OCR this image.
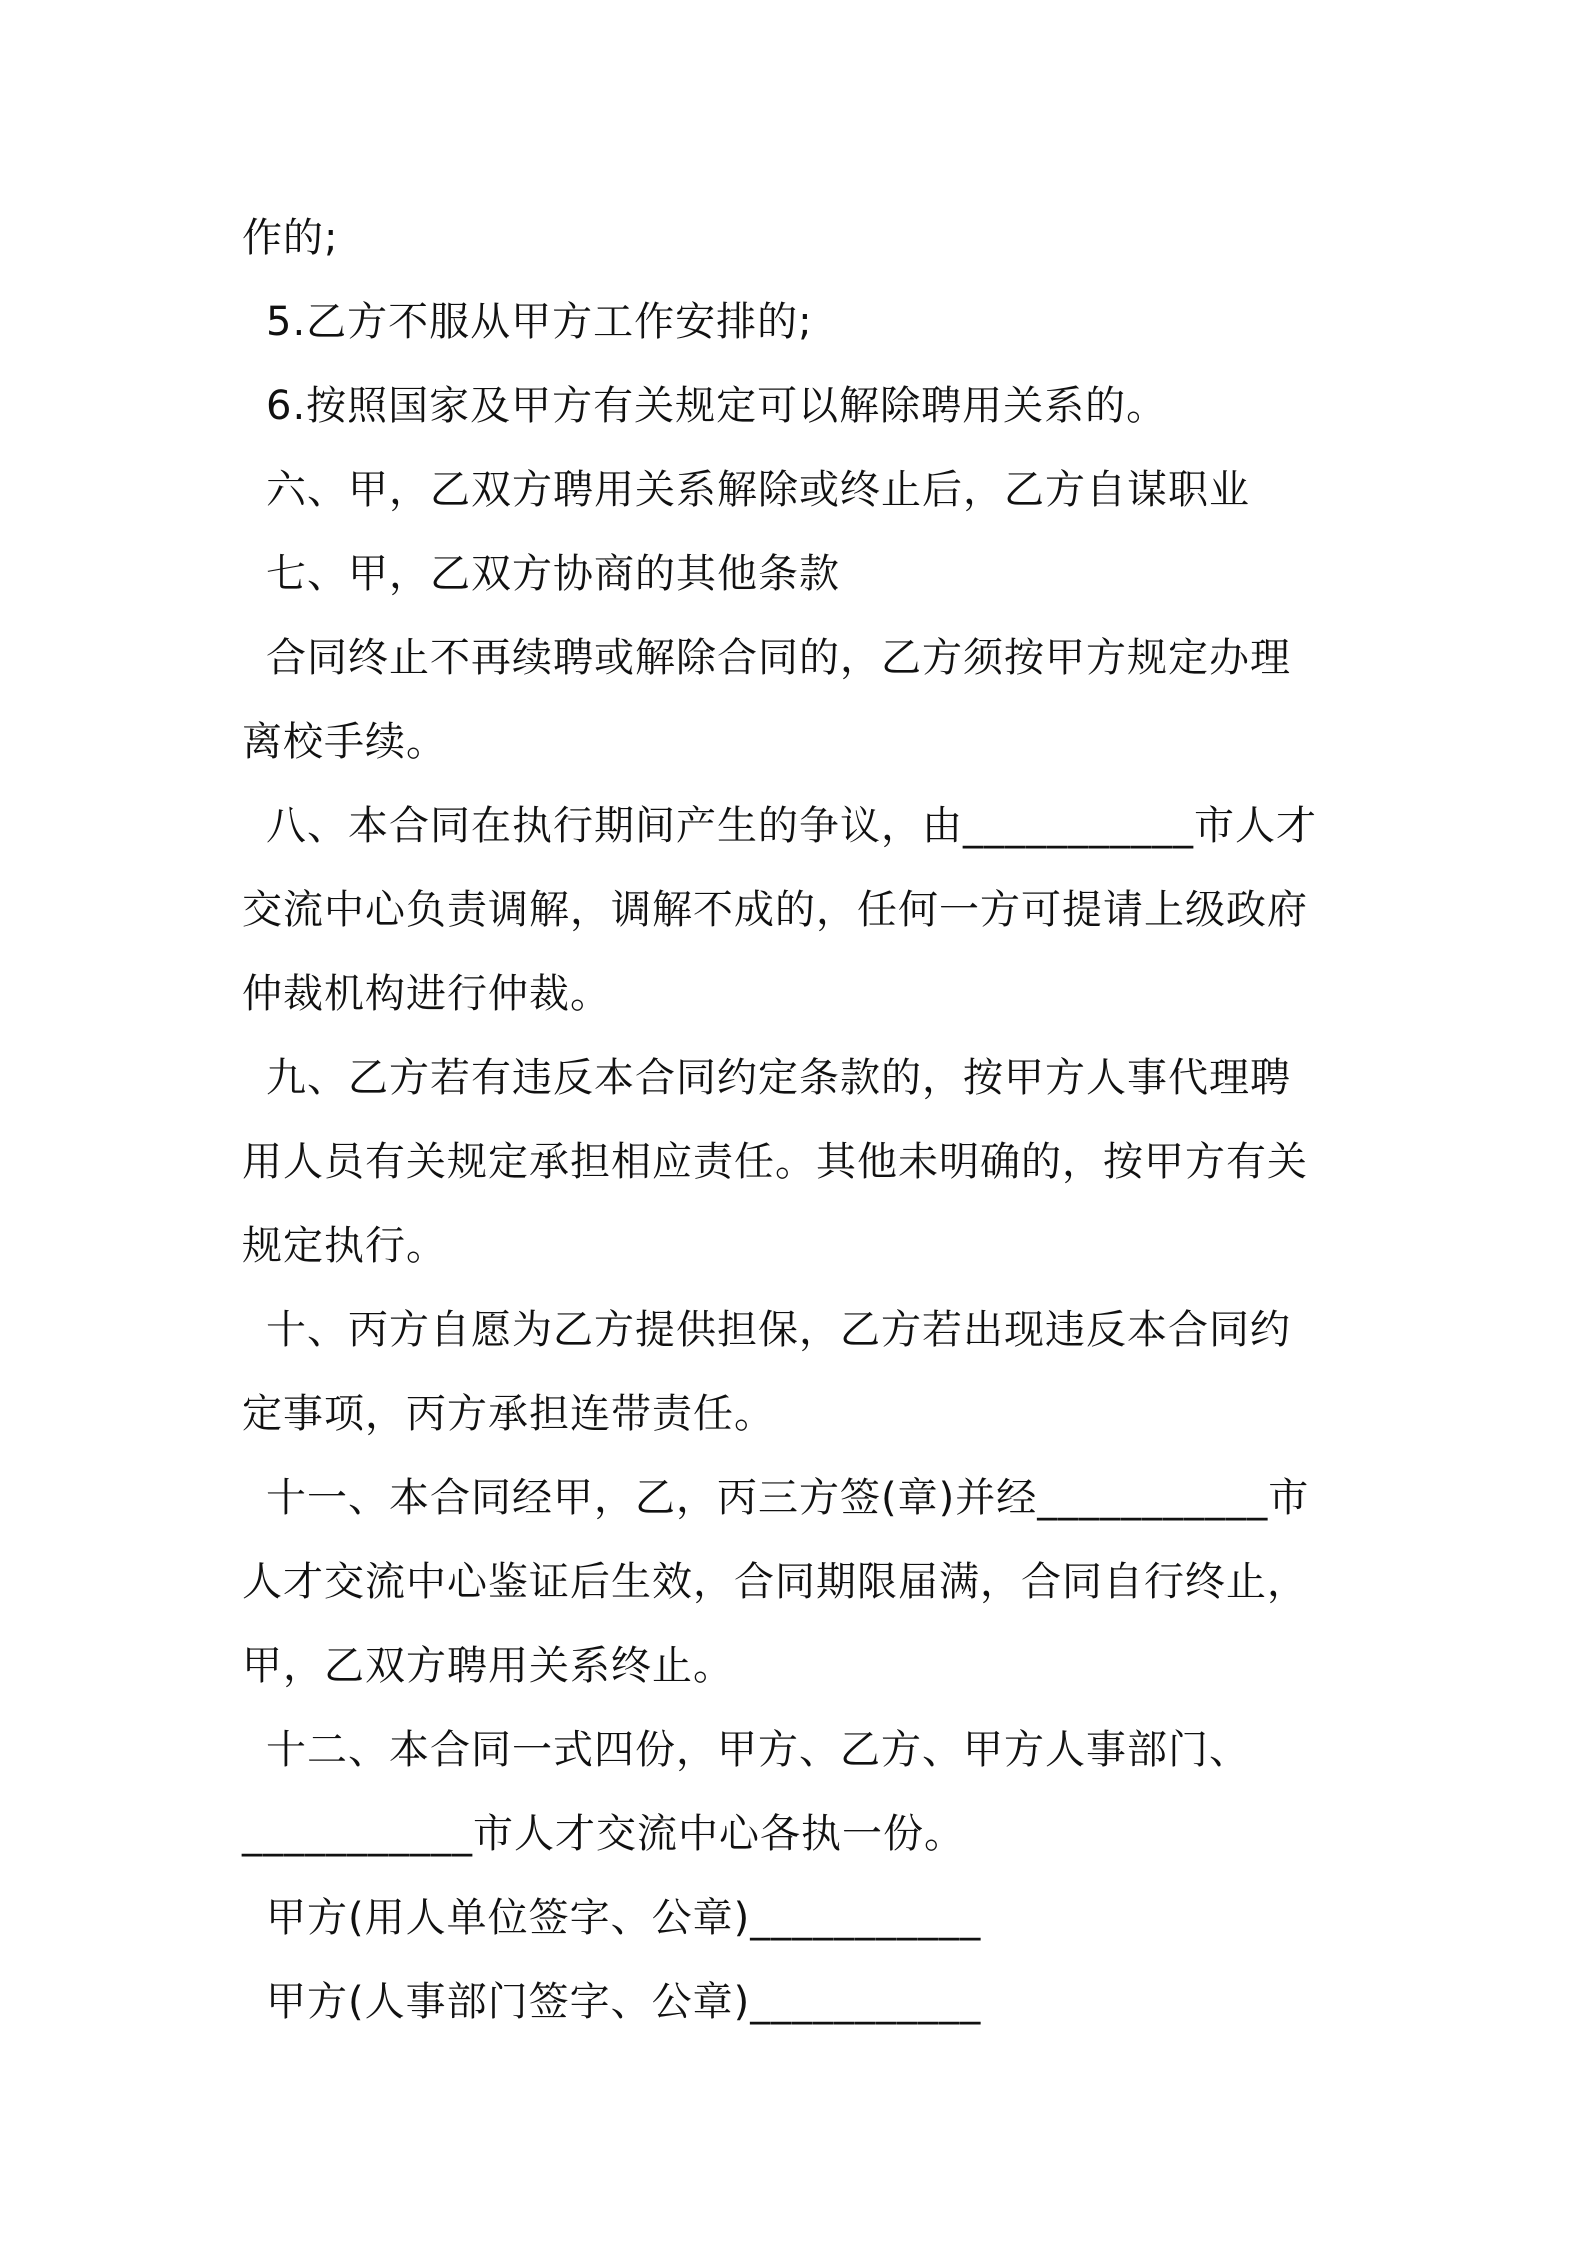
作的;
5.乙方不服从甲方工作安排的;
6.按照国家及甲方有关规定可以解除聘用关系的。
六、甲，乙双方聘用关系解除或终止后，乙方自谋职业
七、甲，乙双方协商的其他条款
合同终止不再续聘或解除合同的，乙方须按甲方规定办理
离校手续。
八、本合同在执行期间产生的争议，由___________市人才
交流中心负责调解，调解不成的，任何一方可提请上级政府
仲裁机构进行仲裁。
九、乙方若有违反本合同约定条款的，按甲方人事代理聘
用人员有关规定承担相应责任。其他未明确的，按甲方有关
规定执行。
十、丙方自愿为乙方提供担保，乙方若出现违反本合同约
定事项，丙方承担连带责任。
十一、本合同经甲，乙，丙三方签(章)并经___________市
人才交流中心鉴证后生效，合同期限届满，合同自行终止，
甲，乙双方聘用关系终止。
十二、本合同一式四份，甲方、乙方、甲方人事部门、
___________市人才交流中心各执一份。
甲方(用人单位签字、公章)___________
甲方(人事部门签字、公章)___________
